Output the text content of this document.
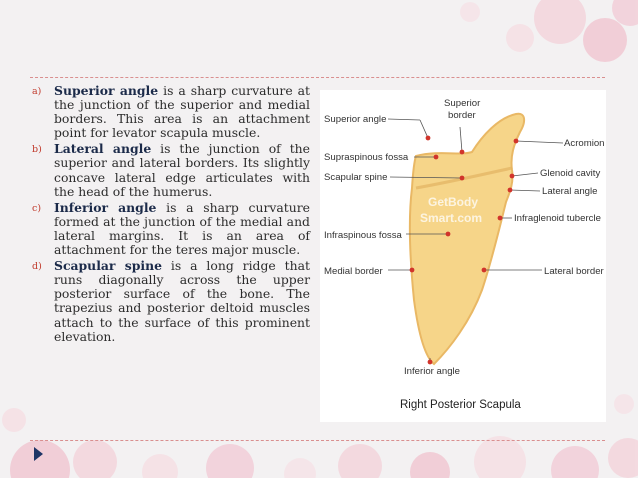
a)	Superior angle is a sharp curvature at the junction of the superior and medial borders. This area is an attachment point for levator scapula muscle.
b) Lateral angle is the junction of the superior and lateral borders. Its slightly concave lateral edge articulates with the head of the humerus.
c)	Inferior angle is a sharp curvature formed at the junction of the medial and lateral margins. It is an area of attachment for the teres major muscle.
d) Scapular spine is a long ridge that runs diagonally across the upper posterior surface of the bone. The trapezius and posterior deltoid muscles attach to the surface of this prominent elevation.
GetBody
Smart.com
Superior angle
Superior
border
Acromion
Supraspinous fossa
Scapular spine	Glenoid cavity
Lateral angle
Infraglenoid tubercle
Infraspinous fossa
Medial border	Lateral border
Inferior angle
Right Posterior Scapula
